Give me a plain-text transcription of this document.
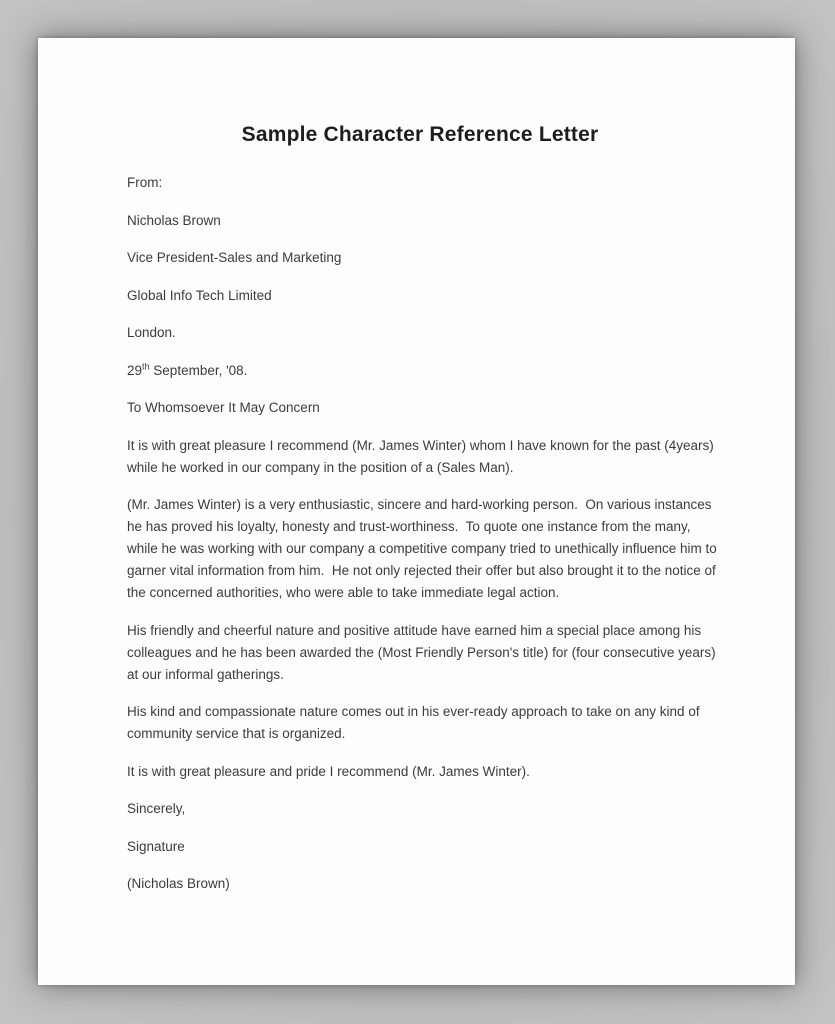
Sample Character Reference Letter

From:

Nicholas Brown

Vice President-Sales and Marketing

Global Info Tech Limited

London.

29th September, '08.

To Whomsoever It May Concern

It is with great pleasure I recommend (Mr. James Winter) whom I have known for the past (4years) while he worked in our company in the position of a (Sales Man).

(Mr. James Winter) is a very enthusiastic, sincere and hard-working person.  On various instances he has proved his loyalty, honesty and trust-worthiness.  To quote one instance from the many, while he was working with our company a competitive company tried to unethically influence him to garner vital information from him.  He not only rejected their offer but also brought it to the notice of the concerned authorities, who were able to take immediate legal action.

His friendly and cheerful nature and positive attitude have earned him a special place among his colleagues and he has been awarded the (Most Friendly Person's title) for (four consecutive years) at our informal gatherings.

His kind and compassionate nature comes out in his ever-ready approach to take on any kind of community service that is organized.

It is with great pleasure and pride I recommend (Mr. James Winter).

Sincerely,

Signature

(Nicholas Brown)
